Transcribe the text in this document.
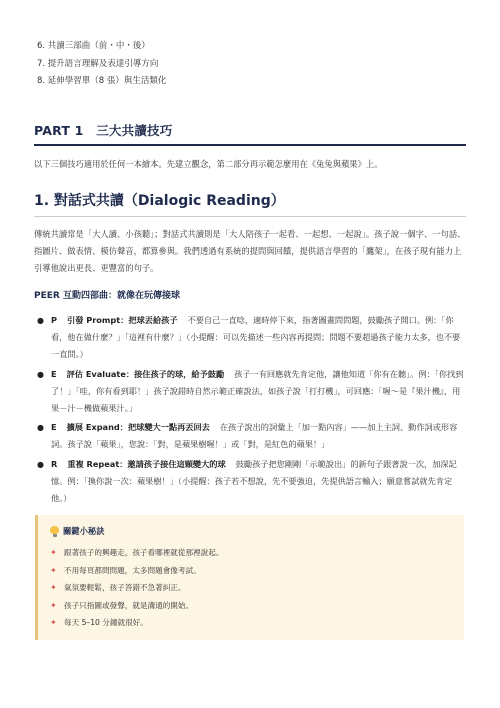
6. 共讀三部曲（前・中・後）
7. 提升語言理解及表達引導方向
8. 延伸學習單（8 張）與生活類化
PART 1　三大共讀技巧
以下三個技巧適用於任何一本繪本。先建立觀念，第二部分再示範怎麼用在《兔兔與蘋果》上。
1. 對話式共讀（Dialogic Reading）
傳統共讀常是「大人讀、小孩聽」；對話式共讀則是「大人陪孩子一起看、一起想、一起說」。孩子說一個字、一句話、指圖片、做表情、模仿聲音，都算參與。我們透過有系統的提問與回饋，提供語言學習的「鷹架」，在孩子現有能力上引導他說出更長、更豐富的句子。
PEER 互動四部曲：就像在玩傳接球
● P 引發 Prompt：把球丟給孩子 不要自己一直唸，適時停下來，指著圖畫問問題，鼓勵孩子開口。例：「你看，他在做什麼？」「這裡有什麼？」（小提醒：可以先描述一些內容再提問；問題不要超過孩子能力太多，也不要一直問。）
● E 評估 Evaluate：接住孩子的球，給予鼓勵 孩子一有回應就先肯定他，讓他知道「你有在聽」。例：「你找到了！」「哇，你有看到耶！」孩子說錯時自然示範正確說法，如孩子說「打打機」，可回應：「喔～是『果汁機』，用果－汁－機做蘋果汁。」
● E 擴展 Expand：把球變大一點再丟回去 在孩子說出的詞彙上「加一點內容」——加上主詞、動作詞或形容詞。孩子說「蘋果」，您說：「對，是蘋果樹喔！」或「對，是紅色的蘋果！」
● R 重複 Repeat：邀請孩子接住這顆變大的球 鼓勵孩子把您剛剛「示範說出」的新句子跟著說一次，加深記憶。例：「換你說一次：蘋果樹！」（小提醒：孩子若不想說，先不要強迫，先提供語言輸入；願意嘗試就先肯定他。）
關鍵小秘訣
✦ 跟著孩子的興趣走，孩子看哪裡就從那裡說起。
✦ 不用每頁都問問題，太多問題會像考試。
✦ 氣氛要輕鬆，孩子答錯不急著糾正。
✦ 孩子只指圖或發聲，就是溝通的開始。
✦ 每天 5–10 分鐘就很好。
